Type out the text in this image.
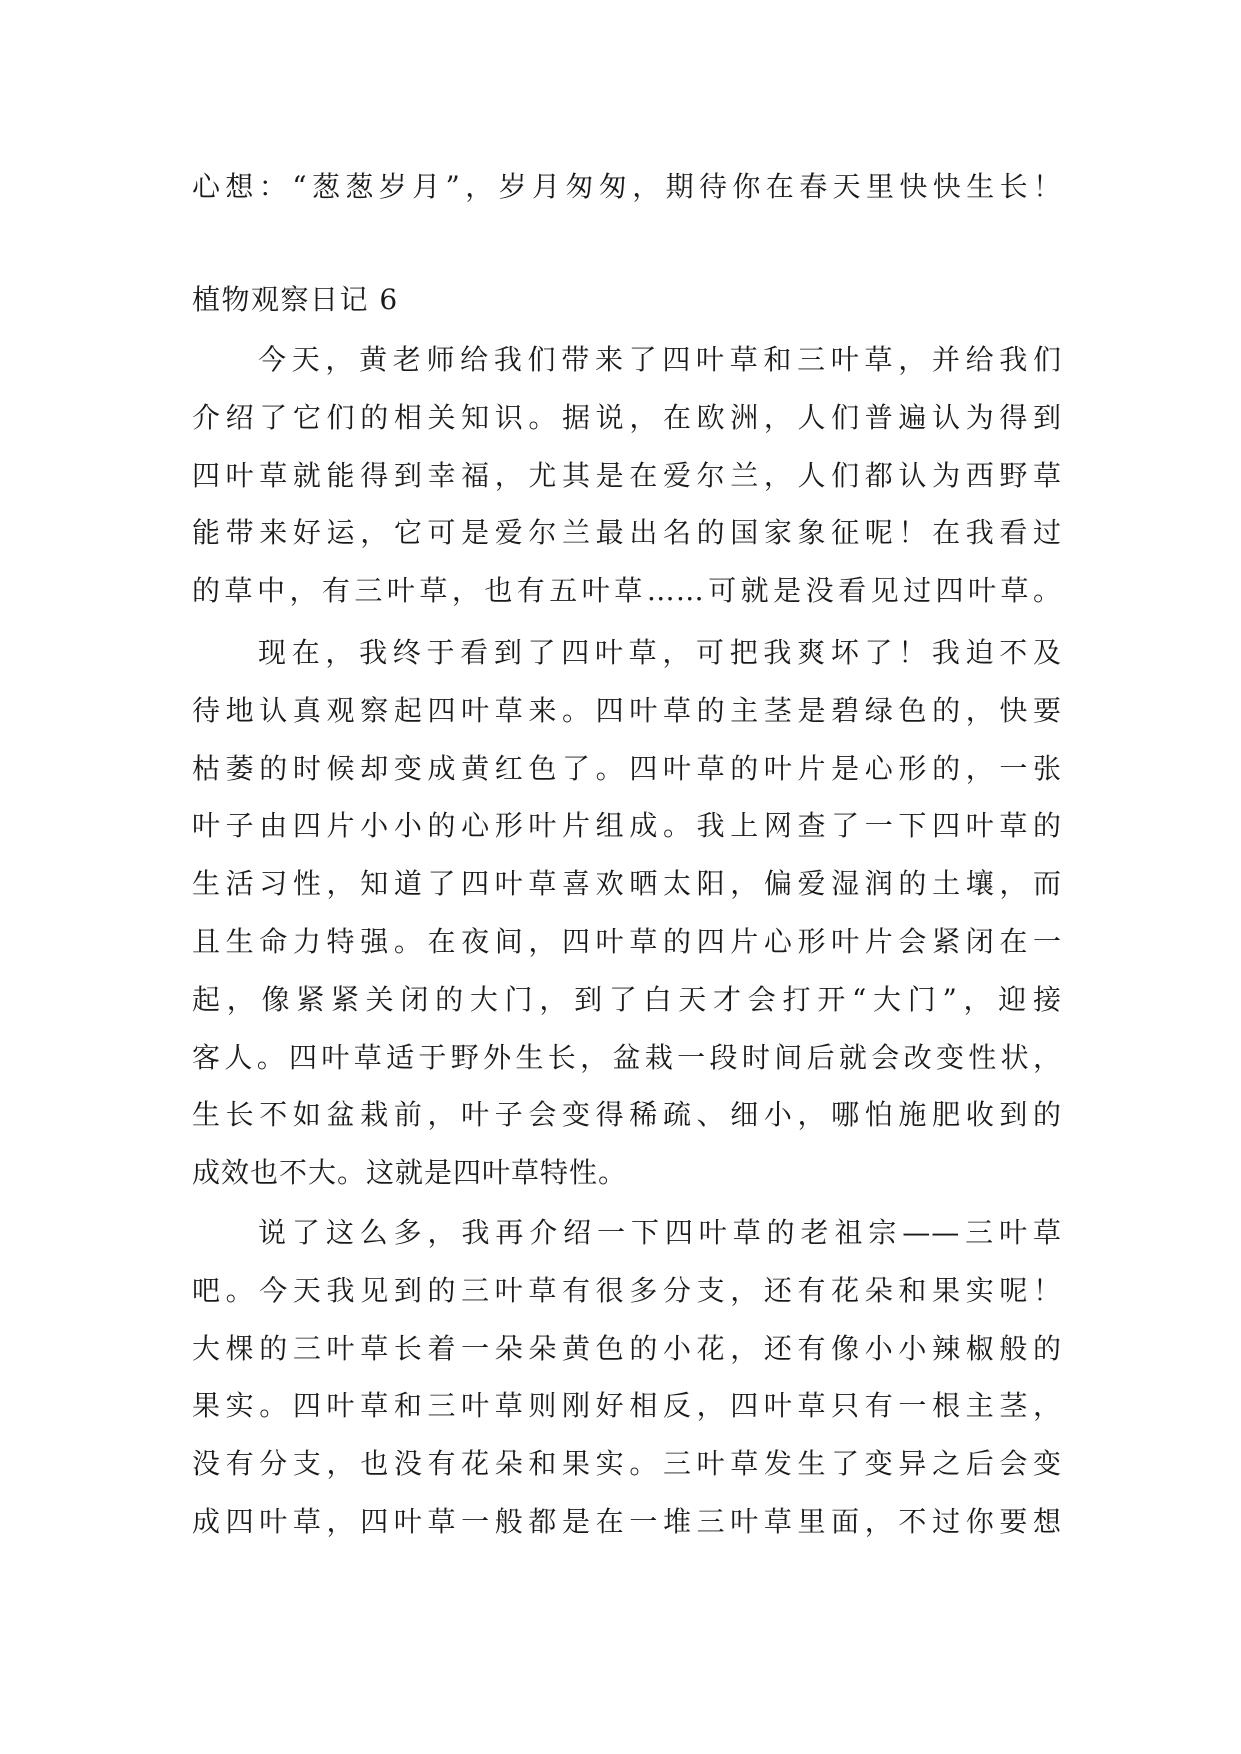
心想：“葱葱岁月”，岁月匆匆，期待你在春天里快快生长！
植物观察日记 6
今天，黄老师给我们带来了四叶草和三叶草，并给我们
介绍了它们的相关知识。据说，在欧洲，人们普遍认为得到
四叶草就能得到幸福，尤其是在爱尔兰，人们都认为西野草
能带来好运，它可是爱尔兰最出名的国家象征呢！在我看过
的草中，有三叶草，也有五叶草……可就是没看见过四叶草。
现在，我终于看到了四叶草，可把我爽坏了！我迫不及
待地认真观察起四叶草来。四叶草的主茎是碧绿色的，快要
枯萎的时候却变成黄红色了。四叶草的叶片是心形的，一张
叶子由四片小小的心形叶片组成。我上网查了一下四叶草的
生活习性，知道了四叶草喜欢晒太阳，偏爱湿润的土壤，而
且生命力特强。在夜间，四叶草的四片心形叶片会紧闭在一
起，像紧紧关闭的大门，到了白天才会打开“大门”，迎接
客人。四叶草适于野外生长，盆栽一段时间后就会改变性状，
生长不如盆栽前，叶子会变得稀疏、细小，哪怕施肥收到的
成效也不大。这就是四叶草特性。
说了这么多，我再介绍一下四叶草的老祖宗——三叶草
吧。今天我见到的三叶草有很多分支，还有花朵和果实呢！
大棵的三叶草长着一朵朵黄色的小花，还有像小小辣椒般的
果实。四叶草和三叶草则刚好相反，四叶草只有一根主茎，
没有分支，也没有花朵和果实。三叶草发生了变异之后会变
成四叶草，四叶草一般都是在一堆三叶草里面，不过你要想
